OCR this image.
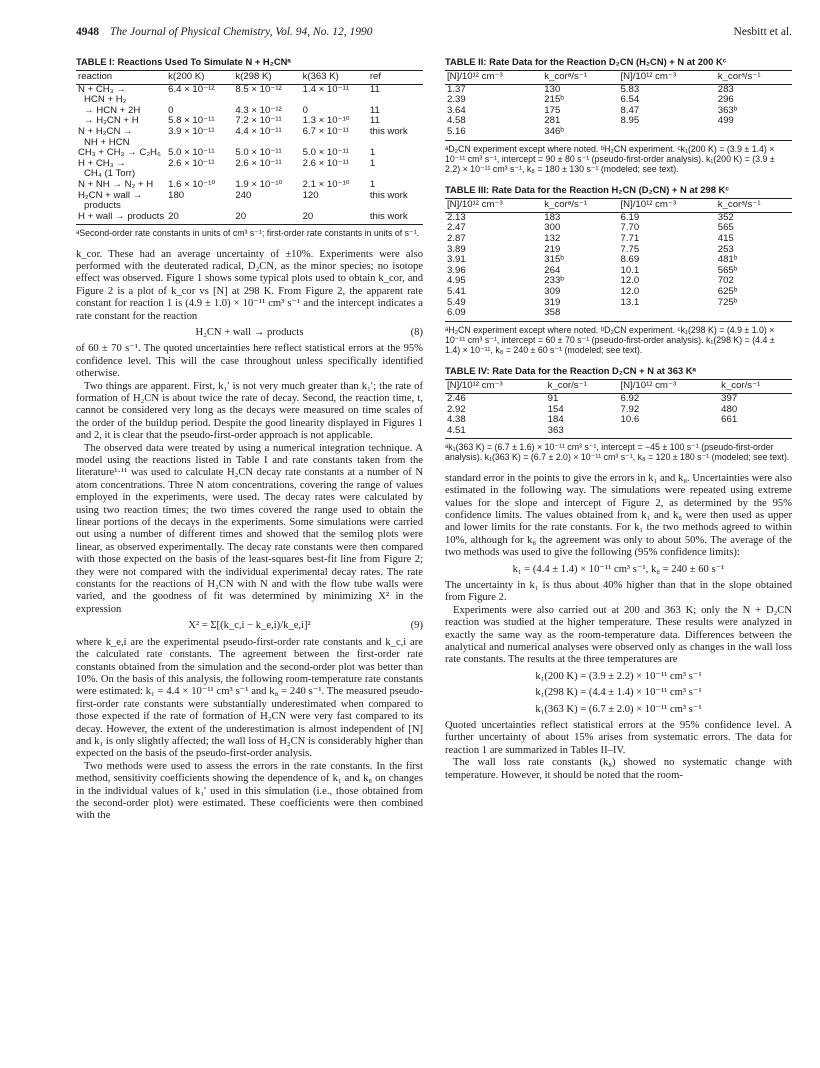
4948 The Journal of Physical Chemistry, Vol. 94, No. 12, 1990	Nesbitt et al.
TABLE I: Reactions Used To Simulate N + H₂CNᵃ
reaction	k(200 K)	k(298 K)	k(363 K)	ref
N + CH₃ →	6.4 × 10⁻¹²	8.5 × 10⁻¹²	1.4 × 10⁻¹¹	11
HCN + H₂				
→ HCN + 2H	0	4.3 × 10⁻¹²	0	11
→ H₂CN + H	5.8 × 10⁻¹¹	7.2 × 10⁻¹¹	1.3 × 10⁻¹⁰	11
N + H₂CN →	3.9 × 10⁻¹¹	4.4 × 10⁻¹¹	6.7 × 10⁻¹¹	this work
NH + HCN				
CH₃ + CH₃ → C₂H₆	5.0 × 10⁻¹¹	5.0 × 10⁻¹¹	5.0 × 10⁻¹¹	1
H + CH₃ →	2.6 × 10⁻¹¹	2.6 × 10⁻¹¹	2.6 × 10⁻¹¹	1
CH₄ (1 Torr)				
N + NH → N₂ + H	1.6 × 10⁻¹⁰	1.9 × 10⁻¹⁰	2.1 × 10⁻¹⁰	1
H₂CN + wall →	180	240	120	this work
products				
H + wall → products	20	20	20	this work
ᵃSecond-order rate constants in units of cm³ s⁻¹; first-order rate constants in units of s⁻¹.

k_cor. These had an average uncertainty of ±10%. Experiments were also performed with the deuterated radical, D₂CN, as the minor species; no isotope effect was observed. Figure 1 shows some typical plots used to obtain k_cor, and Figure 2 is a plot of k_cor vs [N] at 298 K. From Figure 2, the apparent rate constant for reaction 1 is (4.9 ± 1.0) × 10⁻¹¹ cm³ s⁻¹ and the intercept indicates a rate constant for the reaction

H₂CN + wall → products	(8)

of 60 ± 70 s⁻¹. The quoted uncertainties here reflect statistical errors at the 95% confidence level. This will the case throughout unless specifically identified otherwise.

Two things are apparent. First, k₁′ is not very much greater than k₁′; the rate of formation of H₂CN is about twice the rate of decay. Second, the reaction time, t, cannot be considered very long as the decays were measured on time scales of the order of the buildup period. Despite the good linearity displayed in Figures 1 and 2, it is clear that the pseudo-first-order approach is not applicable.

The observed data were treated by using a numerical integration technique. A model using the reactions listed in Table I and rate constants taken from the literature¹·¹¹ was used to calculate H₂CN decay rate constants at a number of N atom concentrations. Three N atom concentrations, covering the range of values employed in the experiments, were used. The decay rates were calculated by using two reaction times; the two times covered the range used to obtain the linear portions of the decays in the experiments. Some simulations were carried out using a number of different times and showed that the semilog plots were linear, as observed experimentally. The decay rate constants were then compared with those expected on the basis of the least-squares best-fit line from Figure 2; they were not compared with the individual experimental decay rates. The rate constants for the reactions of H₂CN with N and with the flow tube walls were varied, and the goodness of fit was determined by minimizing X² in the expression

X² = Σ[(k_c,i − k_e,i)/k_e,i]²	(9)

where k_e,i are the experimental pseudo-first-order rate constants and k_c,i are the calculated rate constants. The agreement between the first-order rate constants obtained from the simulation and the second-order plot was better than 10%. On the basis of this analysis, the following room-temperature rate constants were estimated: k₁ = 4.4 × 10⁻¹¹ cm³ s⁻¹ and k₈ = 240 s⁻¹. The measured pseudo-first-order rate constants were substantially underestimated when compared to those expected if the rate of formation of H₂CN were very fast compared to its decay. However, the extent of the underestimation is almost independent of [N] and k₁ is only slightly affected; the wall loss of H₂CN is considerably higher than expected on the basis of the pseudo-first-order analysis.

Two methods were used to assess the errors in the rate constants. In the first method, sensitivity coefficients showing the dependence of k₁ and k₈ on changes in the individual values of k₁′ used in this simulation (i.e., those obtained from the second-order plot) were estimated. These coefficients were then combined with the

TABLE II: Rate Data for the Reaction D₂CN (H₂CN) + N at 200 Kᶜ
[N]/10¹² cm⁻³	k_corᵃ/s⁻¹	[N]/10¹² cm⁻³	k_corᵃ/s⁻¹
1.37	130	5.83	283
2.39	215ᵇ	6.54	296
3.64	175	8.47	363ᵇ
4.58	281	8.95	499
5.16	346ᵇ		
ᵃD₂CN experiment except where noted. ᵇH₂CN experiment. ᶜk₁(200 K) = (3.9 ± 1.4) × 10⁻¹¹ cm³ s⁻¹, intercept = 90 ± 80 s⁻¹ (pseudo-first-order analysis). k₁(200 K) = (3.9 ± 2.2) × 10⁻¹¹ cm³ s⁻¹, k₈ = 180 ± 130 s⁻¹ (modeled; see text).
TABLE III: Rate Data for the Reaction H₂CN (D₂CN) + N at 298 Kᶜ
[N]/10¹² cm⁻³	k_corᵃ/s⁻¹	[N]/10¹² cm⁻³	k_corᵃ/s⁻¹
2.13	183	6.19	352
2.47	300	7.70	565
2.87	132	7.71	415
3.89	219	7.75	253
3.91	315ᵇ	8.69	481ᵇ
3.96	264	10.1	565ᵇ
4.95	233ᵇ	12.0	702
5.41	309	12.0	625ᵇ
5.49	319	13.1	725ᵇ
6.09	358		
ᵃH₂CN experiment except where noted. ᵇD₂CN experiment. ᶜk₁(298 K) = (4.9 ± 1.0) × 10⁻¹¹ cm³ s⁻¹, intercept = 60 ± 70 s⁻¹ (pseudo-first-order analysis). k₁(298 K) = (4.4 ± 1.4) × 10⁻¹¹, k₈ = 240 ± 60 s⁻¹ (modeled; see text).
TABLE IV: Rate Data for the Reaction D₂CN + N at 363 Kᵃ
[N]/10¹² cm⁻³	k_cor/s⁻¹	[N]/10¹² cm⁻³	k_cor/s⁻¹
2.46	91	6.92	397
2.92	154	7.92	480
4.38	184	10.6	661
4.51	363		
ᵃk₁(363 K) = (6.7 ± 1.6) × 10⁻¹¹ cm³ s⁻¹, intercept = −45 ± 100 s⁻¹ (pseudo-first-order analysis). k₁(363 K) = (6.7 ± 2.0) × 10⁻¹¹ cm³ s⁻¹, k₈ = 120 ± 180 s⁻¹ (modeled; see text).

standard error in the points to give the errors in k₁ and k₈. Uncertainties were also estimated in the following way. The simulations were repeated using extreme values for the slope and intercept of Figure 2, as determined by the 95% confidence limits. The values obtained from k₁ and k₈ were then used as upper and lower limits for the rate constants. For k₁ the two methods agreed to within 10%, although for k₈ the agreement was only to about 50%. The average of the two methods was used to give the following (95% confidence limits):

k₁ = (4.4 ± 1.4) × 10⁻¹¹ cm³ s⁻¹, k₈ = 240 ± 60 s⁻¹

The uncertainty in k₁ is thus about 40% higher than that in the slope obtained from Figure 2.

Experiments were also carried out at 200 and 363 K; only the N + D₂CN reaction was studied at the higher temperature. These results were analyzed in exactly the same way as the room-temperature data. Differences between the analytical and numerical analyses were observed only as changes in the wall loss rate constants. The results at the three temperatures are

k₁(200 K) = (3.9 ± 2.2) × 10⁻¹¹ cm³ s⁻¹
k₁(298 K) = (4.4 ± 1.4) × 10⁻¹¹ cm³ s⁻¹
k₁(363 K) = (6.7 ± 2.0) × 10⁻¹¹ cm³ s⁻¹

Quoted uncertainties reflect statistical errors at the 95% confidence level. A further uncertainty of about 15% arises from systematic errors. The data for reaction 1 are summarized in Tables II–IV.

The wall loss rate constants (k₈) showed no systematic change with temperature. However, it should be noted that the room-
